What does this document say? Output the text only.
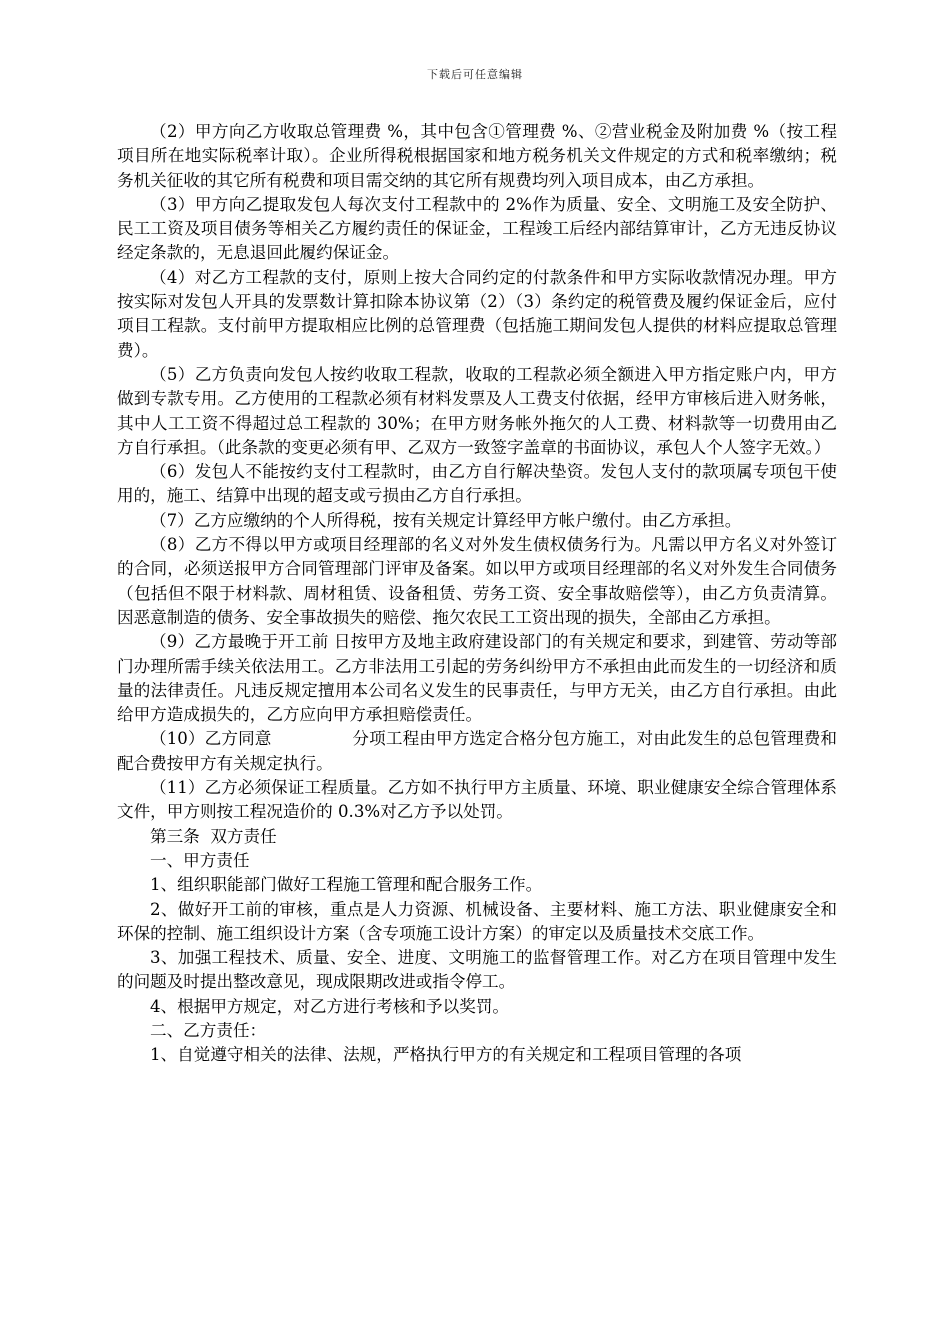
下载后可任意编辑

（2）甲方向乙方收取总管理费 %，其中包含①管理费 %、②营业税金及附加费 %（按工程项目所在地实际税率计取）。企业所得税根据国家和地方税务机关文件规定的方式和税率缴纳；税务机关征收的其它所有税费和项目需交纳的其它所有规费均列入项目成本，由乙方承担。

（3）甲方向乙提取发包人每次支付工程款中的 2%作为质量、安全、文明施工及安全防护、民工工资及项目债务等相关乙方履约责任的保证金，工程竣工后经内部结算审计，乙方无违反协议经定条款的，无息退回此履约保证金。

（4）对乙方工程款的支付，原则上按大合同约定的付款条件和甲方实际收款情况办理。甲方按实际对发包人开具的发票数计算扣除本协议第（2）（3）条约定的税管费及履约保证金后，应付项目工程款。支付前甲方提取相应比例的总管理费（包括施工期间发包人提供的材料应提取总管理费）。

（5）乙方负责向发包人按约收取工程款，收取的工程款必须全额进入甲方指定账户内，甲方做到专款专用。乙方使用的工程款必须有材料发票及人工费支付依据，经甲方审核后进入财务帐，其中人工工资不得超过总工程款的 30%；在甲方财务帐外拖欠的人工费、材料款等一切费用由乙方自行承担。（此条款的变更必须有甲、乙双方一致签字盖章的书面协议，承包人个人签字无效。）

（6）发包人不能按约支付工程款时，由乙方自行解决垫资。发包人支付的款项属专项包干使用的，施工、结算中出现的超支或亏损由乙方自行承担。

（7）乙方应缴纳的个人所得税，按有关规定计算经甲方帐户缴付。由乙方承担。

（8）乙方不得以甲方或项目经理部的名义对外发生债权债务行为。凡需以甲方名义对外签订的合同，必须送报甲方合同管理部门评审及备案。如以甲方或项目经理部的名义对外发生合同债务（包括但不限于材料款、周材租赁、设备租赁、劳务工资、安全事故赔偿等），由乙方负责清算。因恶意制造的债务、安全事故损失的赔偿、拖欠农民工工资出现的损失，全部由乙方承担。

（9）乙方最晚于开工前 日按甲方及地主政府建设部门的有关规定和要求，到建管、劳动等部门办理所需手续关依法用工。乙方非法用工引起的劳务纠纷甲方不承担由此而发生的一切经济和质量的法律责任。凡违反规定擅用本公司名义发生的民事责任，与甲方无关，由乙方自行承担。由此给甲方造成损失的，乙方应向甲方承担赔偿责任。

（10）乙方同意               分项工程由甲方选定合格分包方施工，对由此发生的总包管理费和配合费按甲方有关规定执行。

（11）乙方必须保证工程质量。乙方如不执行甲方主质量、环境、职业健康安全综合管理体系文件，甲方则按工程况造价的 0.3%对乙方予以处罚。

第三条  双方责任

一、甲方责任

1、组织职能部门做好工程施工管理和配合服务工作。

2、做好开工前的审核，重点是人力资源、机械设备、主要材料、施工方法、职业健康安全和环保的控制、施工组织设计方案（含专项施工设计方案）的审定以及质量技术交底工作。

3、加强工程技术、质量、安全、进度、文明施工的监督管理工作。对乙方在项目管理中发生的问题及时提出整改意见，现成限期改进或指令停工。

4、根据甲方规定，对乙方进行考核和予以奖罚。

二、乙方责任：

1、自觉遵守相关的法律、法规，严格执行甲方的有关规定和工程项目管理的各项
